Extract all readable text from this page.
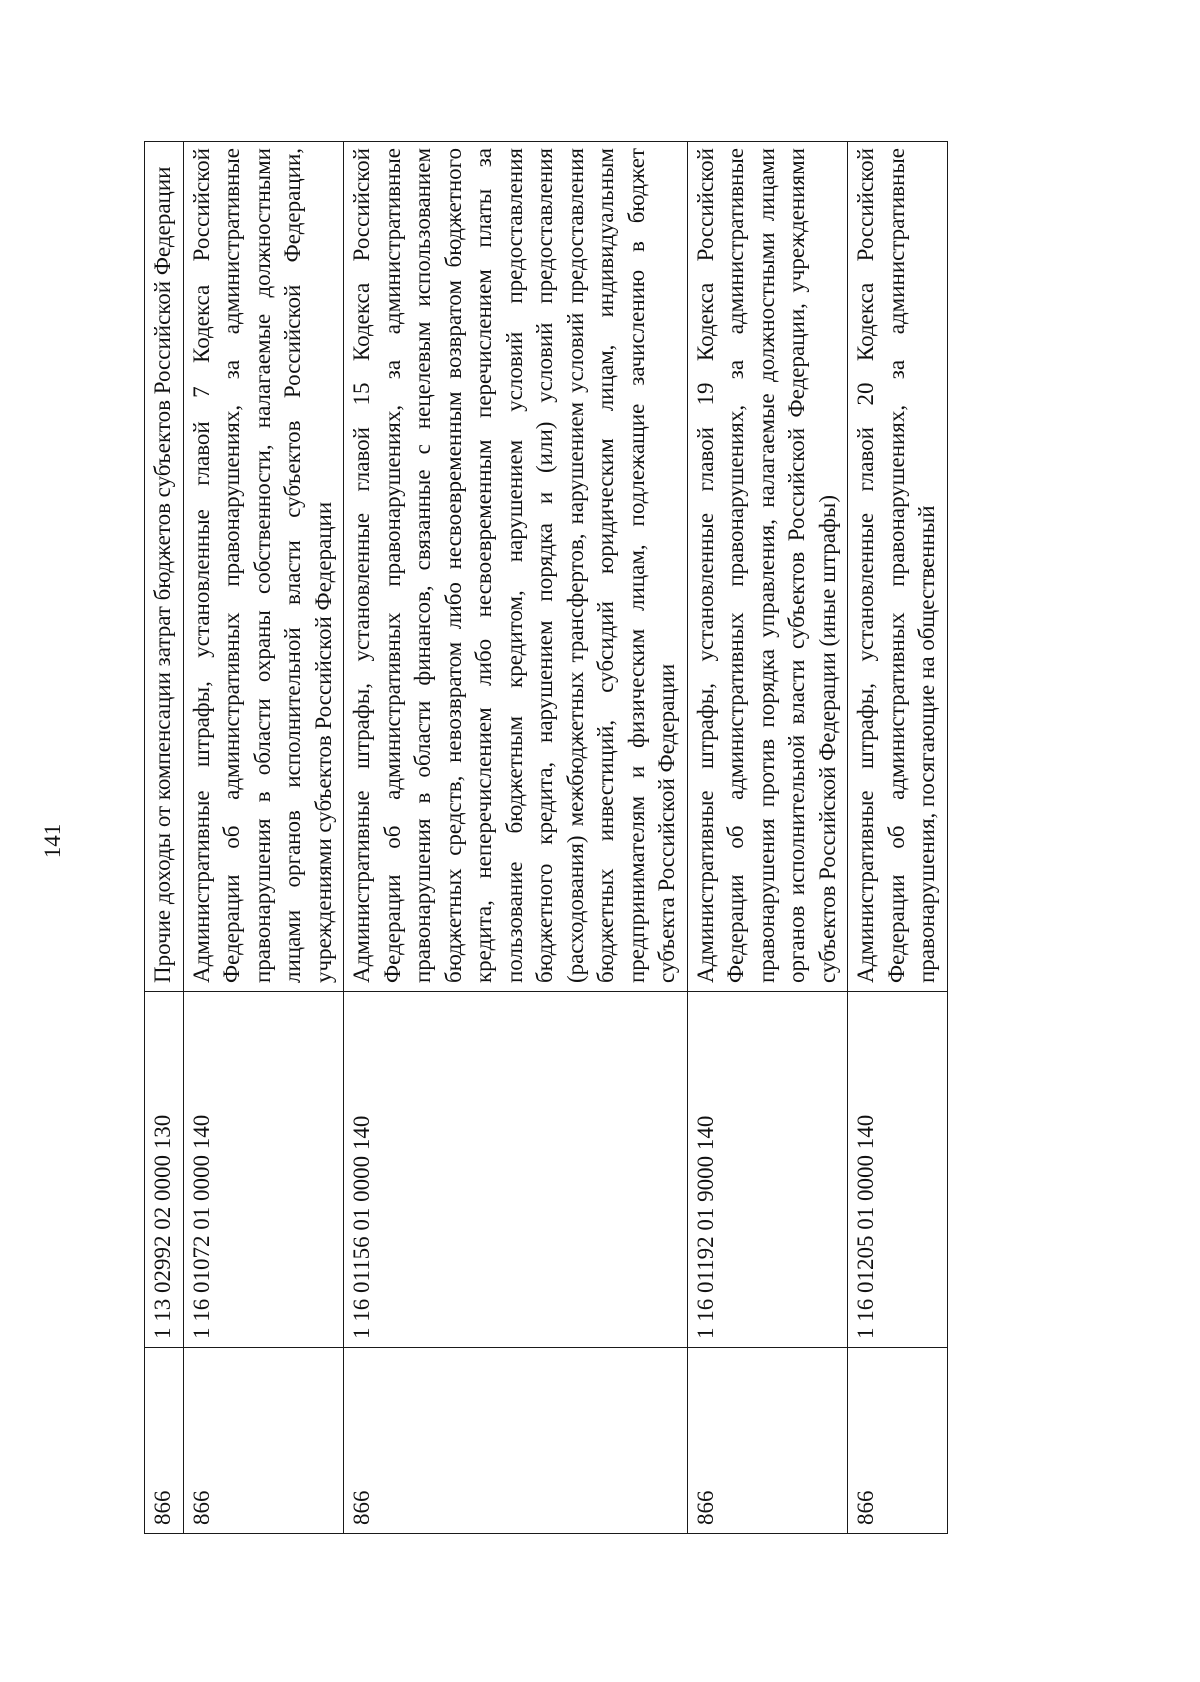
141
866	1 13 02992 02 0000 130	Прочие доходы от компенсации затрат бюджетов субъектов Российской Федерации
866	1 16 01072 01 0000 140	Административные штрафы, установленные главой 7 Кодекса Российской Федерации об административных правонарушениях, за административные правонарушения в области охраны собственности, налагаемые должностными лицами органов исполнительной власти субъектов Российской Федерации, учреждениями субъектов Российской Федерации
866	1 16 01156 01 0000 140	Административные штрафы, установленные главой 15 Кодекса Российской Федерации об административных правонарушениях, за административные правонарушения в области финансов, связанные с нецелевым использованием бюджетных средств, невозвратом либо несвоевременным возвратом бюджетного кредита, неперечислением либо несвоевременным перечислением платы за пользование бюджетным кредитом, нарушением условий предоставления бюджетного кредита, нарушением порядка и (или) условий предоставления (расходования) межбюджетных трансфертов, нарушением условий предоставления бюджетных инвестиций, субсидий юридическим лицам, индивидуальным предпринимателям и физическим лицам, подлежащие зачислению в бюджет субъекта Российской Федерации
866	1 16 01192 01 9000 140	Административные штрафы, установленные главой 19 Кодекса Российской Федерации об административных правонарушениях, за административные правонарушения против порядка управления, налагаемые должностными лицами органов исполнительной власти субъектов Российской Федерации, учреждениями субъектов Российской Федерации (иные штрафы)
866	1 16 01205 01 0000 140	Административные штрафы, установленные главой 20 Кодекса Российской Федерации об административных правонарушениях, за административные правонарушения, посягающие на общественный
